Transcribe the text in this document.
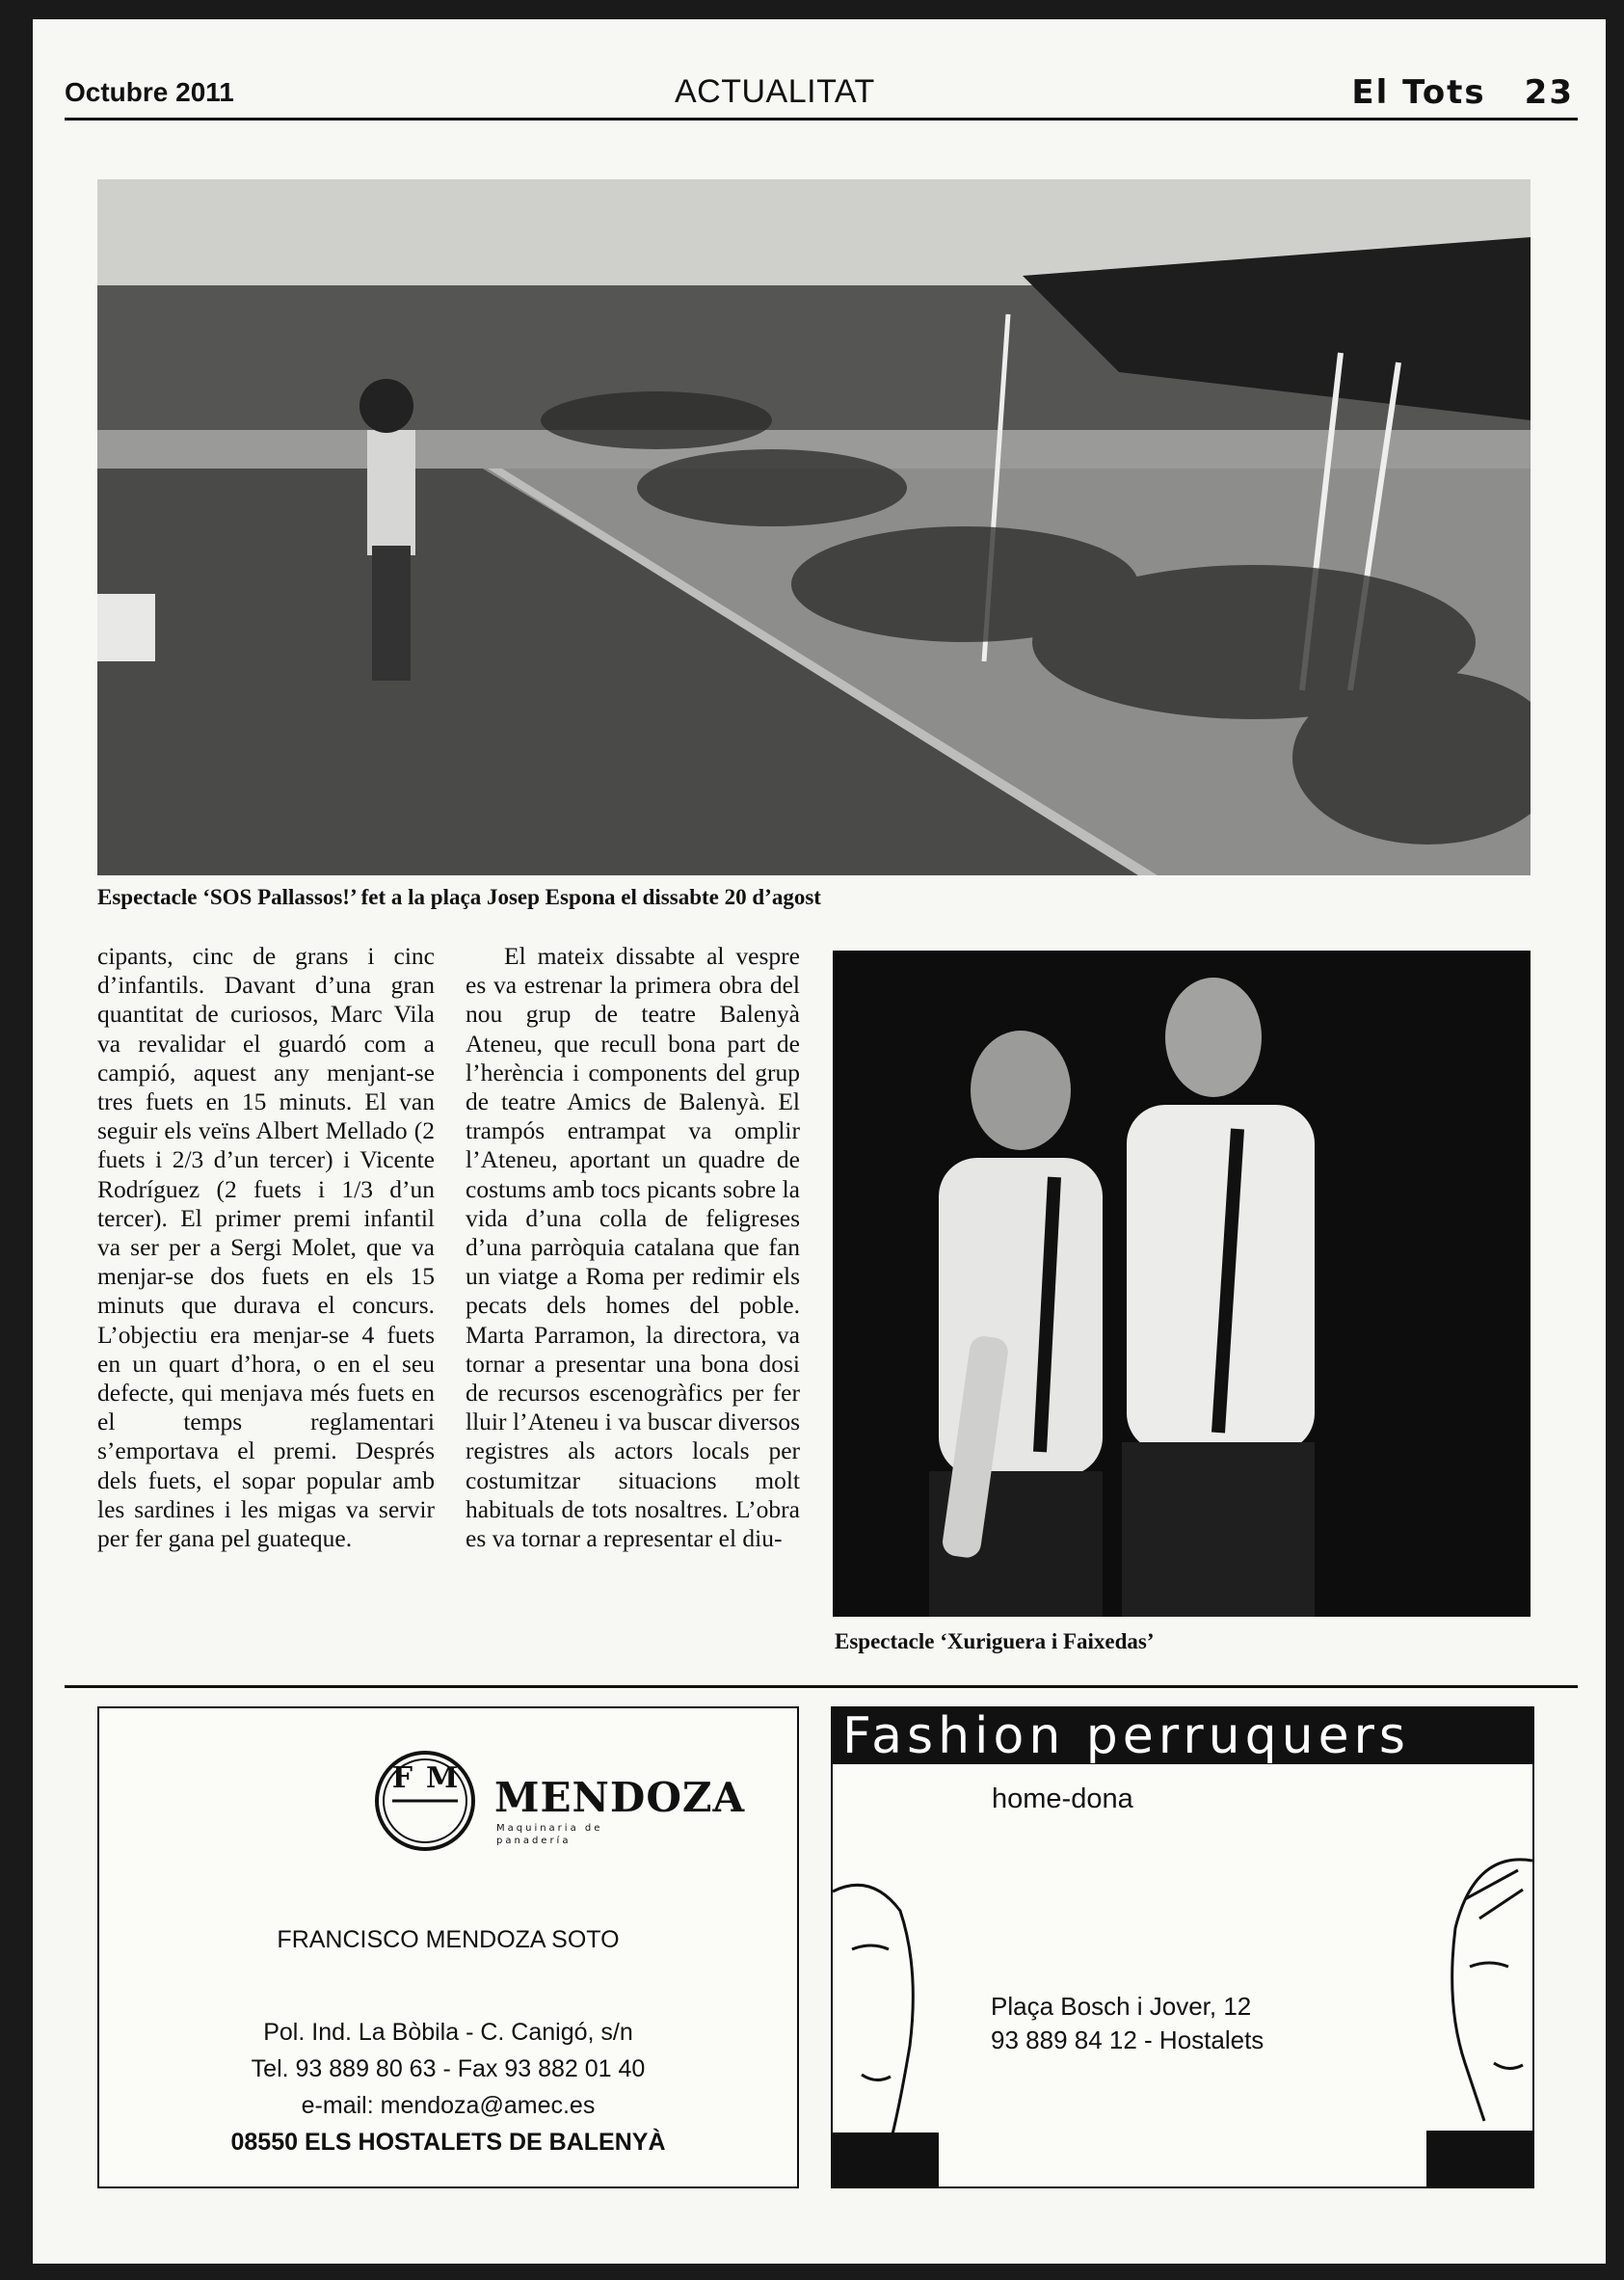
Octubre 2011	ACTUALITAT	El Tots 23
Espectacle ‘SOS Pallassos!’ fet a la plaça Josep Espona el dissabte 20 d’agost

cipants, cinc de grans i cinc d’infantils. Davant d’una gran quantitat de curiosos, Marc Vila va revalidar el guardó com a campió, aquest any menjant-se tres fuets en 15 minuts. El van seguir els veïns Albert Mellado (2 fuets i 2/3 d’un tercer) i Vicente Rodríguez (2 fuets i 1/3 d’un tercer). El primer premi infantil va ser per a Sergi Molet, que va menjar-se dos fuets en els 15 minuts que durava el concurs. L’objectiu era menjar-se 4 fuets en un quart d’hora, o en el seu defecte, qui menjava més fuets en el temps reglamentari s’emportava el premi. Després dels fuets, el sopar popular amb les sardines i les migas va servir per fer gana pel guateque.

El mateix dissabte al vespre es va estrenar la primera obra del nou grup de teatre Balenyà Ateneu, que recull bona part de l’herència i components del grup de teatre Amics de Balenyà. El trampós entrampat va omplir l’Ateneu, aportant un quadre de costums amb tocs picants sobre la vida d’una colla de feligreses d’una parròquia catalana que fan un viatge a Roma per redimir els pecats dels homes del poble. Marta Parramon, la directora, va tornar a presentar una bona dosi de recursos escenogràfics per fer lluir l’Ateneu i va buscar diversos registres als actors locals per costumitzar situacions molt habituals de tots nosaltres. L’obra es va tornar a representar el diu-

Espectacle ‘Xuriguera i Faixedas’
FM MENDOZA
Maquinaria de panadería
FRANCISCO MENDOZA SOTO
Pol. Ind. La Bòbila - C. Canigó, s/n
Tel. 93 889 80 63 - Fax 93 882 01 40
e-mail: mendoza@amec.es
08550 ELS HOSTALETS DE BALENYÀ
Fashion perruquers
home-dona
Plaça Bosch i Jover, 12
93 889 84 12 - Hostalets
